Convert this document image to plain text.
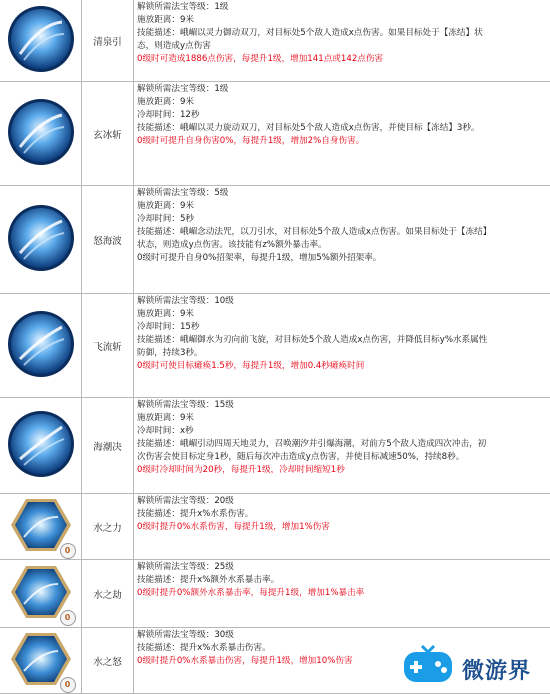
清泉引
解锁所需法宝等级：1级
施放距离：9米
技能描述：峨嵋以灵力御动双刀，对目标处5个敌人造成x点伤害。如果目标处于【冻结】状
态，则造成y点伤害
0级时可造成1886点伤害，每提升1级，增加141点或142点伤害
玄冰斩
解锁所需法宝等级：1级
施放距离：9米
冷却时间：12秒
技能描述：峨嵋以灵力旋动双刀，对目标处5个敌人造成x点伤害，并使目标【冻结】3秒。
0级时可提升自身伤害0%，每提升1级，增加2%自身伤害。
怒海波
解锁所需法宝等级：5级
施放距离：9米
冷却时间：5秒
技能描述：峨嵋念动法咒，以刀引水，对目标处5个敌人造成x点伤害。如果目标处于【冻结】
状态，则造成y点伤害。该技能有z%额外暴击率。
0级时可提升自身0%招架率，每提升1级，增加5%额外招架率。
飞流斩
解锁所需法宝等级：10级
施放距离：9米
冷却时间：15秒
技能描述：峨嵋御水为刃向前飞旋，对目标处5个敌人造成x点伤害，并降低目标y%水系属性
防御，持续3秒。
0级时可使目标瘫痪1.5秒，每提升1级，增加0.4秒瘫痪时间
海潮决
解锁所需法宝等级：15级
施放距离：9米
冷却时间：x秒
技能描述：峨嵋引动四周天地灵力，召唤潮汐并引爆海潮，对前方5个敌人造成四次冲击，初
次伤害会使目标定身1秒，随后每次冲击造成y点伤害，并使目标减速50%，持续8秒。
0级时冷却时间为20秒，每提升1级，冷却时间缩短1秒
0
水之力
解锁所需法宝等级：20级
技能描述：提升x%水系伤害。
0级时提升0%水系伤害，每提升1级，增加1%伤害
0
水之劫
解锁所需法宝等级：25级
技能描述：提升x%额外水系暴击率。
0级时提升0%额外水系暴击率，每提升1级，增加1%暴击率
0
水之怒
解锁所需法宝等级：30级
技能描述：提升x%水系暴击伤害。
0级时提升0%水系暴击伤害，每提升1级，增加10%伤害	微游界
